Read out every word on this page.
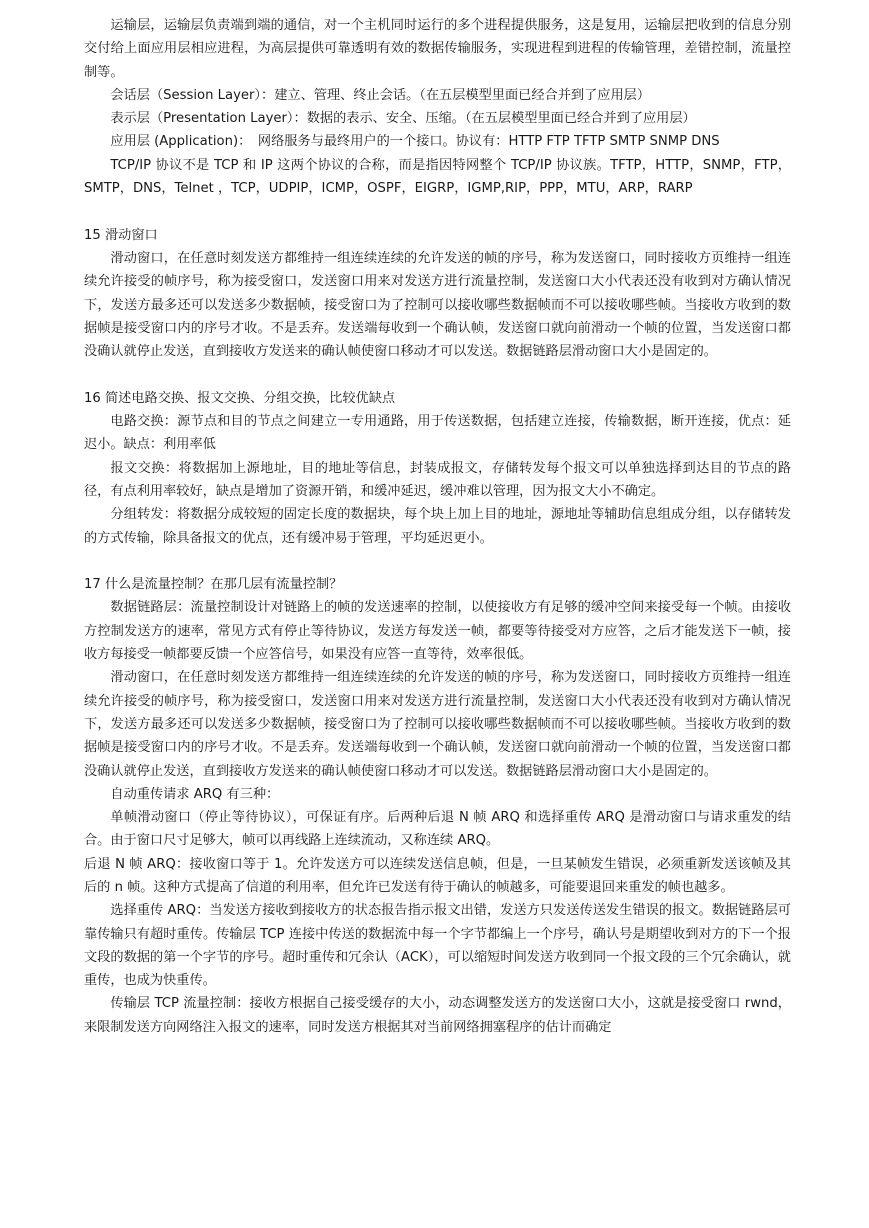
运输层，运输层负责端到端的通信，对一个主机同时运行的多个进程提供服务，这是复用，运输层把收到的信息分别交付给上面应用层相应进程，为高层提供可靠透明有效的数据传输服务，实现进程到进程的传输管理，差错控制，流量控制等。

会话层（Session Layer）：建立、管理、终止会话。（在五层模型里面已经合并到了应用层）

表示层（Presentation Layer）：数据的表示、安全、压缩。（在五层模型里面已经合并到了应用层）

应用层 (Application)：　网络服务与最终用户的一个接口。协议有：HTTP FTP TFTP SMTP SNMP DNS

TCP/IP 协议不是 TCP 和 IP 这两个协议的合称，而是指因特网整个 TCP/IP 协议族。TFTP，HTTP，SNMP，FTP，SMTP，DNS，Telnet ，TCP，UDPIP，ICMP，OSPF，EIGRP，IGMP,RIP，PPP，MTU，ARP，RARP

15 滑动窗口

滑动窗口，在任意时刻发送方都维持一组连续连续的允许发送的帧的序号，称为发送窗口，同时接收方页维持一组连续允许接受的帧序号，称为接受窗口，发送窗口用来对发送方进行流量控制，发送窗口大小代表还没有收到对方确认情况下，发送方最多还可以发送多少数据帧，接受窗口为了控制可以接收哪些数据帧而不可以接收哪些帧。当接收方收到的数据帧是接受窗口内的序号才收。不是丢弃。发送端每收到一个确认帧，发送窗口就向前滑动一个帧的位置，当发送窗口都没确认就停止发送，直到接收方发送来的确认帧使窗口移动才可以发送。数据链路层滑动窗口大小是固定的。

16 简述电路交换、报文交换、分组交换，比较优缺点

电路交换：源节点和目的节点之间建立一专用通路，用于传送数据，包括建立连接，传输数据，断开连接，优点：延迟小。缺点：利用率低

报文交换：将数据加上源地址，目的地址等信息，封装成报文，存储转发每个报文可以单独选择到达目的节点的路径，有点利用率较好，缺点是增加了资源开销，和缓冲延迟，缓冲难以管理，因为报文大小不确定。

分组转发：将数据分成较短的固定长度的数据块，每个块上加上目的地址，源地址等辅助信息组成分组，以存储转发的方式传输，除具备报文的优点，还有缓冲易于管理，平均延迟更小。

17 什么是流量控制？在那几层有流量控制？

数据链路层：流量控制设计对链路上的帧的发送速率的控制，以使接收方有足够的缓冲空间来接受每一个帧。由接收方控制发送方的速率，常见方式有停止等待协议，发送方每发送一帧，都要等待接受对方应答，之后才能发送下一帧，接收方每接受一帧都要反馈一个应答信号，如果没有应答一直等待，效率很低。

滑动窗口，在任意时刻发送方都维持一组连续连续的允许发送的帧的序号，称为发送窗口，同时接收方页维持一组连续允许接受的帧序号，称为接受窗口，发送窗口用来对发送方进行流量控制，发送窗口大小代表还没有收到对方确认情况下，发送方最多还可以发送多少数据帧，接受窗口为了控制可以接收哪些数据帧而不可以接收哪些帧。当接收方收到的数据帧是接受窗口内的序号才收。不是丢弃。发送端每收到一个确认帧，发送窗口就向前滑动一个帧的位置，当发送窗口都没确认就停止发送，直到接收方发送来的确认帧使窗口移动才可以发送。数据链路层滑动窗口大小是固定的。

自动重传请求 ARQ 有三种：

单帧滑动窗口（停止等待协议），可保证有序。后两种后退 N 帧 ARQ 和选择重传 ARQ 是滑动窗口与请求重发的结合。由于窗口尺寸足够大，帧可以再线路上连续流动，又称连续 ARQ。

后退 N 帧 ARQ：接收窗口等于 1。允许发送方可以连续发送信息帧，但是，一旦某帧发生错误，必须重新发送该帧及其后的 n 帧。这种方式提高了信道的利用率，但允许已发送有待于确认的帧越多，可能要退回来重发的帧也越多。

选择重传 ARQ：当发送方接收到接收方的状态报告指示报文出错，发送方只发送传送发生错误的报文。数据链路层可靠传输只有超时重传。传输层 TCP 连接中传送的数据流中每一个字节都编上一个序号，确认号是期望收到对方的下一个报文段的数据的第一个字节的序号。超时重传和冗余认（ACK），可以缩短时间发送方收到同一个报文段的三个冗余确认，就重传，也成为快重传。

传输层 TCP 流量控制：接收方根据自己接受缓存的大小，动态调整发送方的发送窗口大小，这就是接受窗口 rwnd，来限制发送方向网络注入报文的速率，同时发送方根据其对当前网络拥塞程序的估计而确定
